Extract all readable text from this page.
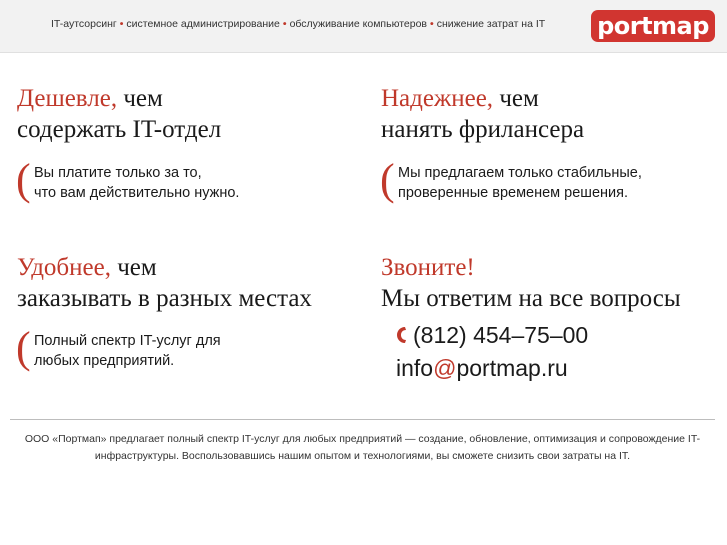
IT-аутсорсинг • системное администрирование • обслуживание компьютеров • снижение затрат на IT portmap
Дешевле, чем
содержать IT-отдел
( Вы платите только за то,
что вам действительно нужно.
Надежнее, чем
нанять фрилансера
( Мы предлагаем только стабильные,
проверенные временем решения.
Удобнее, чем
заказывать в разных местах
( Полный спектр IT-услуг для
любых предприятий.
Звоните!
Мы ответим на все вопросы
(812) 454–75–00
info@portmap.ru
ООО «Портмап» предлагает полный спектр IT-услуг для любых предприятий — создание, обновление, оптимизация и сопровождение IT-инфраструктуры. Воспользовавшись нашим опытом и технологиями, вы сможете снизить свои затраты на IT.
